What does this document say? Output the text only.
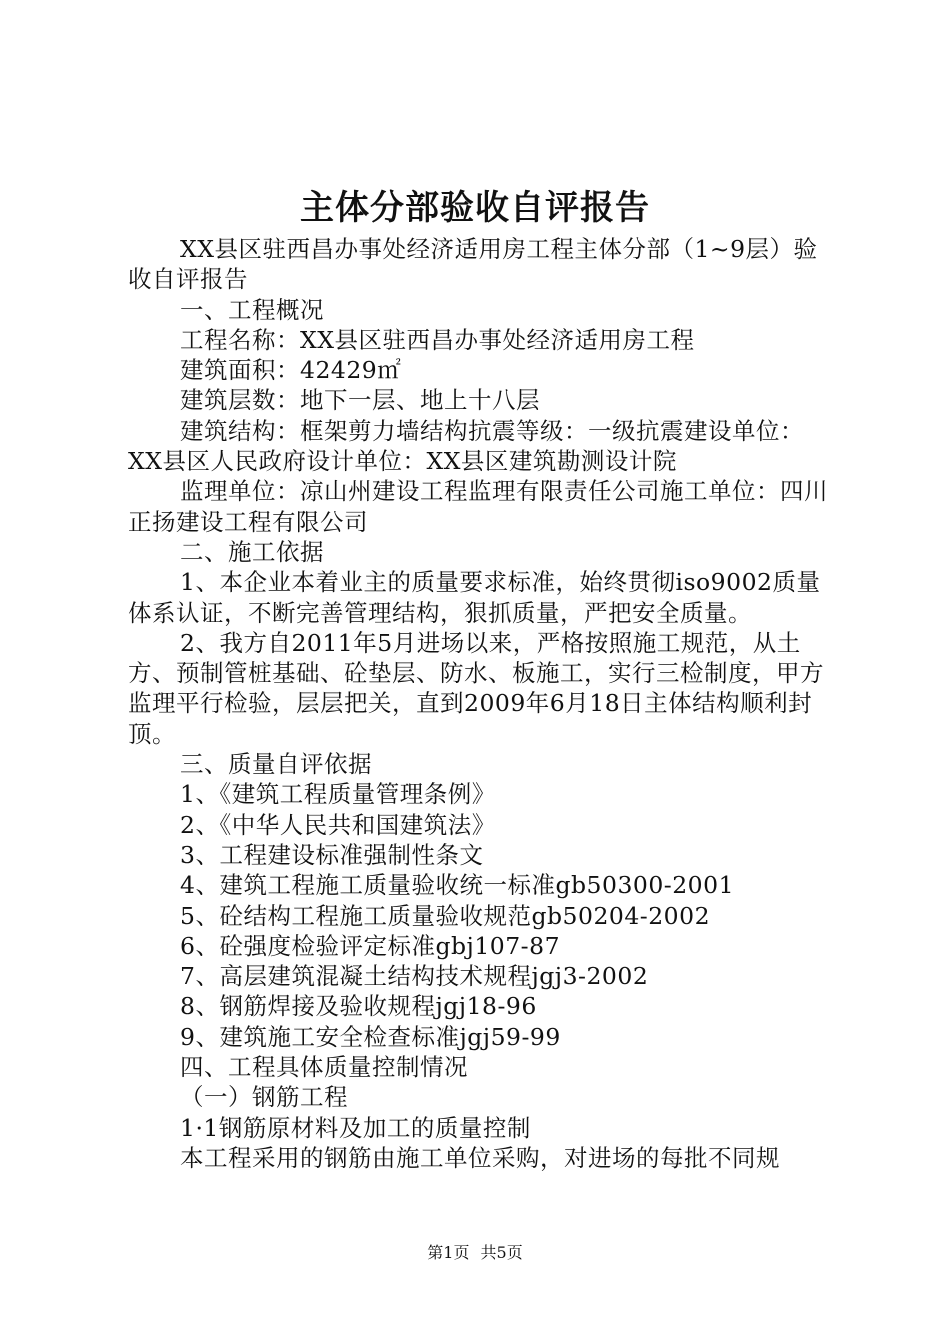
主体分部验收自评报告

XX县区驻西昌办事处经济适用房工程主体分部（1~9层）验收自评报告

一、工程概况

工程名称：XX县区驻西昌办事处经济适用房工程

建筑面积：42429㎡

建筑层数：地下一层、地上十八层

建筑结构：框架剪力墙结构抗震等级：一级抗震建设单位：XX县区人民政府设计单位：XX县区建筑勘测设计院

监理单位：凉山州建设工程监理有限责任公司施工单位：四川正扬建设工程有限公司

二、施工依据

1、本企业本着业主的质量要求标准，始终贯彻iso9002质量体系认证，不断完善管理结构，狠抓质量，严把安全质量。

2、我方自2011年5月进场以来，严格按照施工规范，从土方、预制管桩基础、砼垫层、防水、板施工，实行三检制度，甲方监理平行检验，层层把关，直到2009年6月18日主体结构顺利封顶。

三、质量自评依据

1、《建筑工程质量管理条例》

2、《中华人民共和国建筑法》

3、工程建设标准强制性条文

4、建筑工程施工质量验收统一标准gb50300-2001

5、砼结构工程施工质量验收规范gb50204-2002

6、砼强度检验评定标准gbj107-87

7、高层建筑混凝土结构技术规程jgj3-2002

8、钢筋焊接及验收规程jgj18-96

9、建筑施工安全检查标准jgj59-99

四、工程具体质量控制情况

（一）钢筋工程

1·1钢筋原材料及加工的质量控制

本工程采用的钢筋由施工单位采购，对进场的每批不同规

第1页 共5页
